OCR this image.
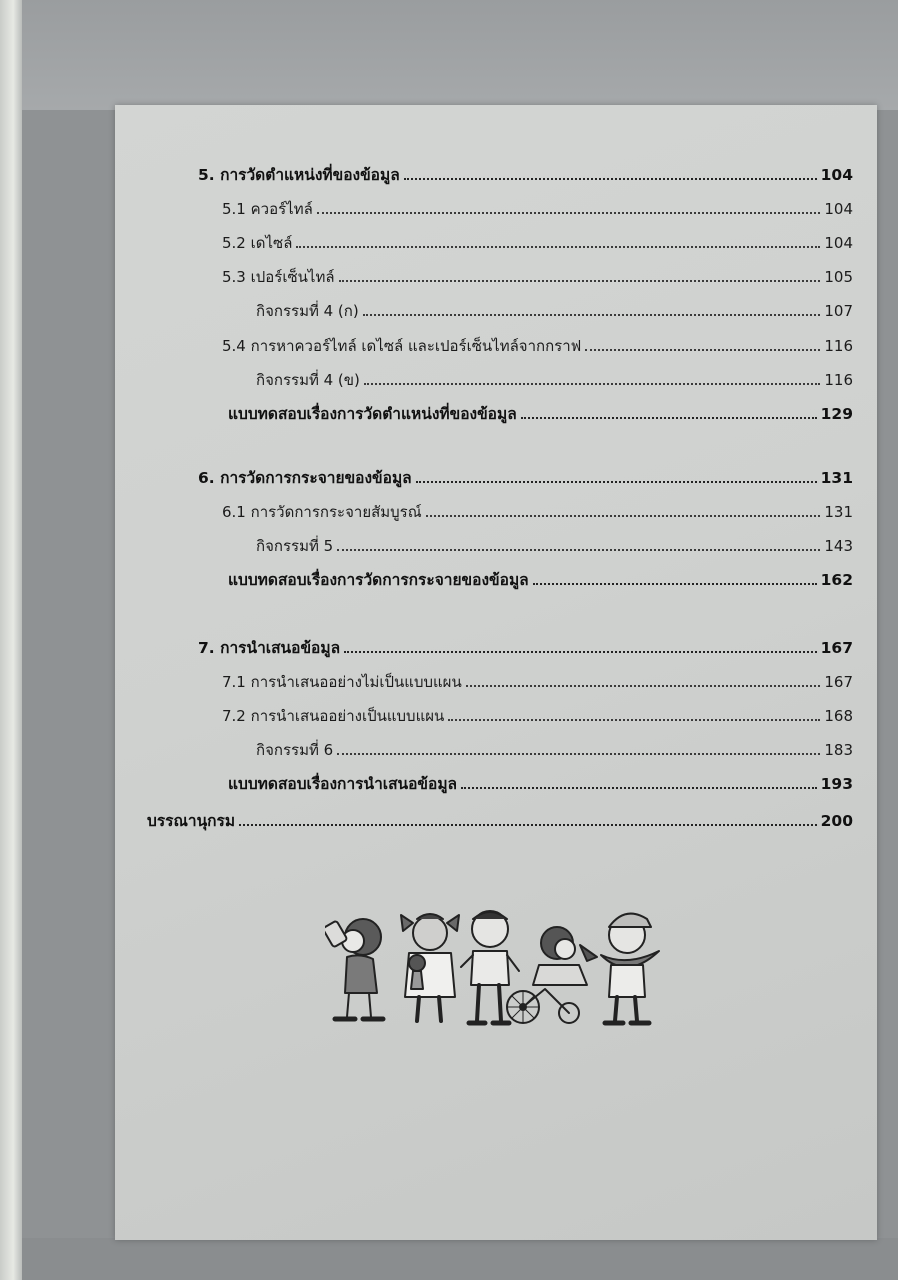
5. การวัดตำแหน่งที่ของข้อมูล	104
5.1 ควอร์ไทล์	104
5.2 เดไซล์	104
5.3 เปอร์เซ็นไทล์	105
กิจกรรมที่ 4 (ก)	107
5.4 การหาควอร์ไทล์ เดไซล์ และเปอร์เซ็นไทล์จากกราฟ	116
กิจกรรมที่ 4 (ข)	116
แบบทดสอบเรื่องการวัดตำแหน่งที่ของข้อมูล	129
6. การวัดการกระจายของข้อมูล	131
6.1 การวัดการกระจายสัมบูรณ์	131
กิจกรรมที่ 5	143
แบบทดสอบเรื่องการวัดการกระจายของข้อมูล	162
7. การนำเสนอข้อมูล	167
7.1 การนำเสนออย่างไม่เป็นแบบแผน	167
7.2 การนำเสนออย่างเป็นแบบแผน	168
กิจกรรมที่ 6	183
แบบทดสอบเรื่องการนำเสนอข้อมูล	193
บรรณานุกรม	200
